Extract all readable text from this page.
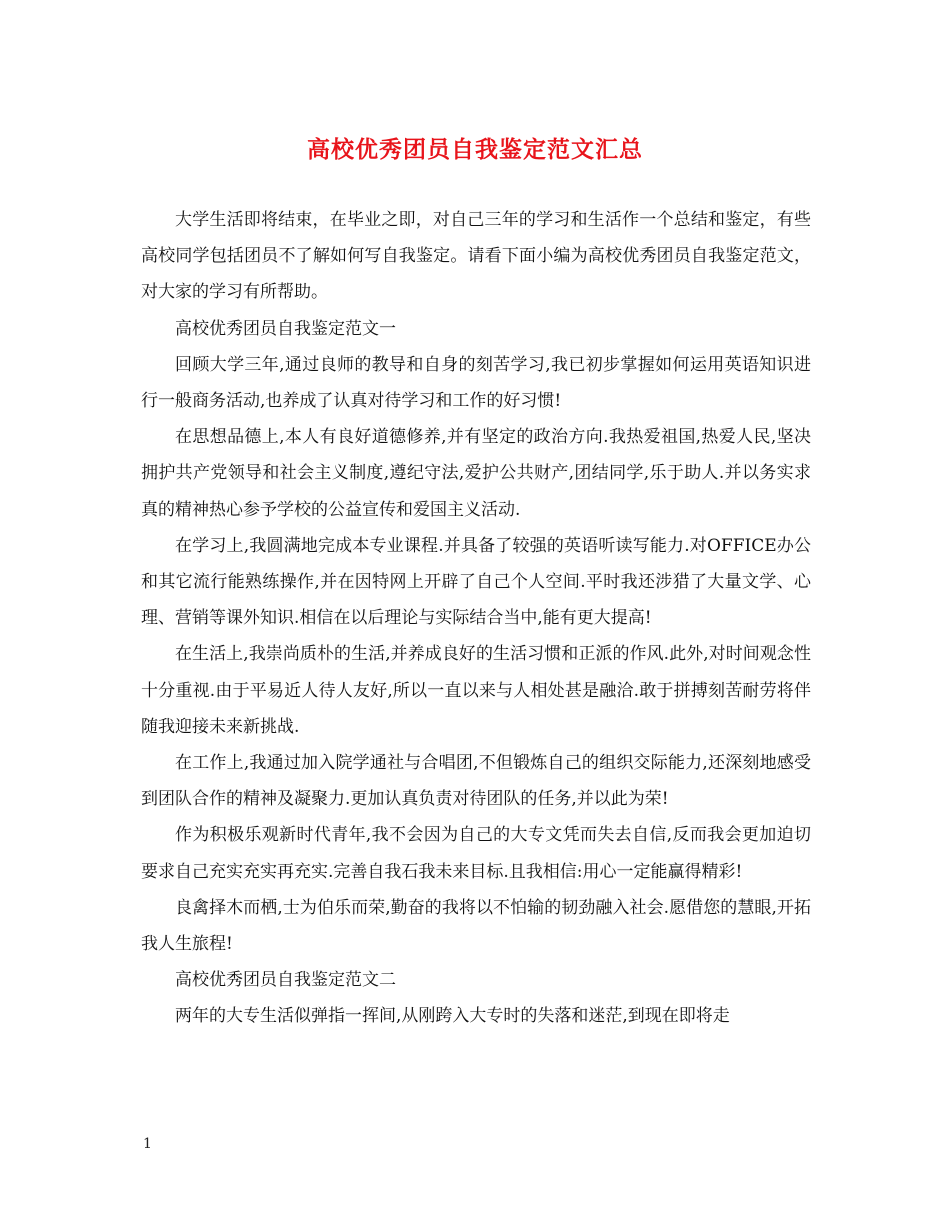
高校优秀团员自我鉴定范文汇总

大学生活即将结束，在毕业之即，对自己三年的学习和生活作一个总结和鉴定，有些高校同学包括团员不了解如何写自我鉴定。请看下面小编为高校优秀团员自我鉴定范文，对大家的学习有所帮助。

高校优秀团员自我鉴定范文一

回顾大学三年,通过良师的教导和自身的刻苦学习,我已初步掌握如何运用英语知识进行一般商务活动,也养成了认真对待学习和工作的好习惯!

在思想品德上,本人有良好道德修养,并有坚定的政治方向.我热爱祖国,热爱人民,坚决拥护共产党领导和社会主义制度,遵纪守法,爱护公共财产,团结同学,乐于助人.并以务实求真的精神热心参予学校的公益宣传和爱国主义活动.

在学习上,我圆满地完成本专业课程.并具备了较强的英语听读写能力.对OFFICE办公和其它流行能熟练操作,并在因特网上开辟了自己个人空间.平时我还涉猎了大量文学、心理、营销等课外知识.相信在以后理论与实际结合当中,能有更大提高!

在生活上,我崇尚质朴的生活,并养成良好的生活习惯和正派的作风.此外,对时间观念性十分重视.由于平易近人待人友好,所以一直以来与人相处甚是融洽.敢于拼搏刻苦耐劳将伴随我迎接未来新挑战.

在工作上,我通过加入院学通社与合唱团,不但锻炼自己的组织交际能力,还深刻地感受到团队合作的精神及凝聚力.更加认真负责对待团队的任务,并以此为荣!

作为积极乐观新时代青年,我不会因为自己的大专文凭而失去自信,反而我会更加迫切要求自己充实充实再充实.完善自我石我未来目标.且我相信:用心一定能赢得精彩!

良禽择木而栖,士为伯乐而荣,勤奋的我将以不怕输的韧劲融入社会.愿借您的慧眼,开拓我人生旅程!

高校优秀团员自我鉴定范文二

两年的大专生活似弹指一挥间,从刚跨入大专时的失落和迷茫,到现在即将走

1
